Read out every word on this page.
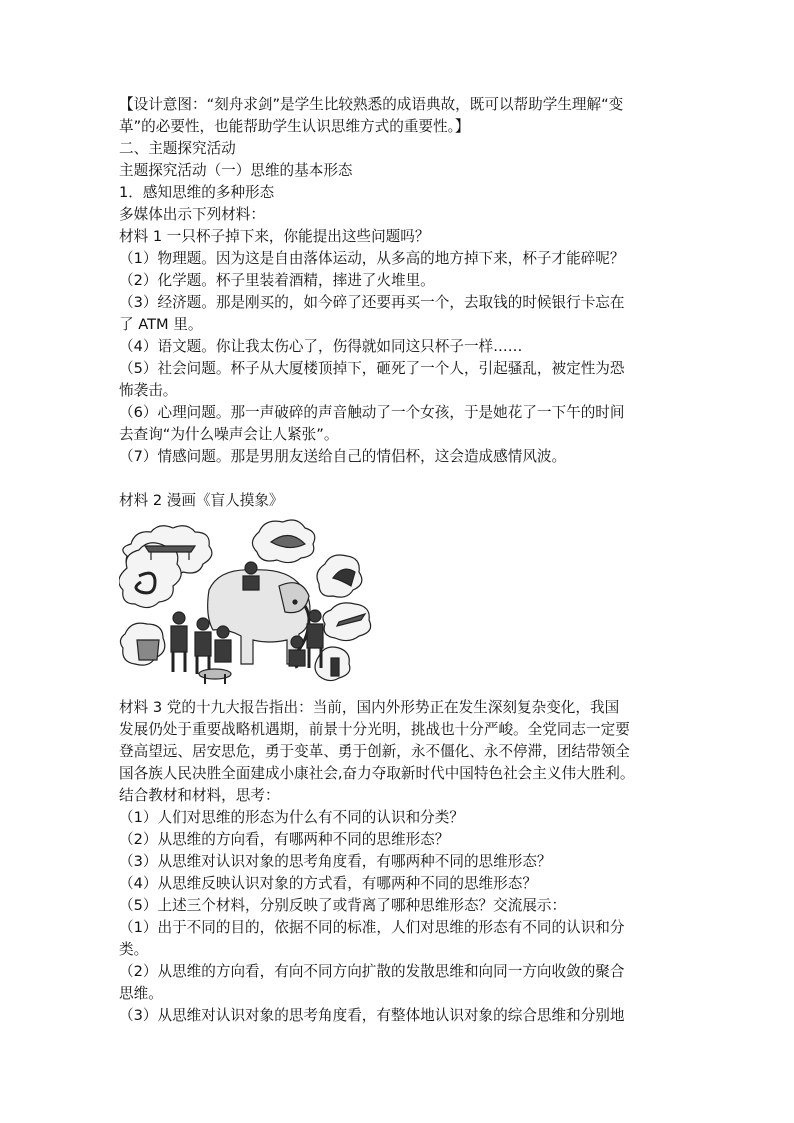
【设计意图：“刻舟求剑”是学生比较熟悉的成语典故，既可以帮助学生理解“变
革”的必要性，也能帮助学生认识思维方式的重要性。】
二、主题探究活动
主题探究活动（一）思维的基本形态
1．感知思维的多种形态
多媒体出示下列材料：
材料 1 一只杯子掉下来，你能提出这些问题吗？
（1）物理题。因为这是自由落体运动，从多高的地方掉下来，杯子才能碎呢？
（2）化学题。杯子里装着酒精，摔进了火堆里。
（3）经济题。那是刚买的，如今碎了还要再买一个，去取钱的时候银行卡忘在
了 ATM 里。
（4）语文题。你让我太伤心了，伤得就如同这只杯子一样……
（5）社会问题。杯子从大厦楼顶掉下，砸死了一个人，引起骚乱，被定性为恐
怖袭击。
（6）心理问题。那一声破碎的声音触动了一个女孩，于是她花了一下午的时间
去查询“为什么噪声会让人紧张”。
（7）情感问题。那是男朋友送给自己的情侣杯，这会造成感情风波。
材料 2 漫画《盲人摸象》
材料 3 党的十九大报告指出：当前，国内外形势正在发生深刻复杂变化，我国
发展仍处于重要战略机遇期，前景十分光明，挑战也十分严峻。全党同志一定要
登高望远、居安思危，勇于变革、勇于创新，永不僵化、永不停滞，团结带领全
国各族人民决胜全面建成小康社会,奋力夺取新时代中国特色社会主义伟大胜利。
结合教材和材料，思考：
（1）人们对思维的形态为什么有不同的认识和分类？
（2）从思维的方向看，有哪两种不同的思维形态？
（3）从思维对认识对象的思考角度看，有哪两种不同的思维形态？
（4）从思维反映认识对象的方式看，有哪两种不同的思维形态？
（5）上述三个材料，分别反映了或背离了哪种思维形态？交流展示：
（1）出于不同的目的，依据不同的标准，人们对思维的形态有不同的认识和分
类。
（2）从思维的方向看，有向不同方向扩散的发散思维和向同一方向收敛的聚合
思维。
（3）从思维对认识对象的思考角度看，有整体地认识对象的综合思维和分别地
